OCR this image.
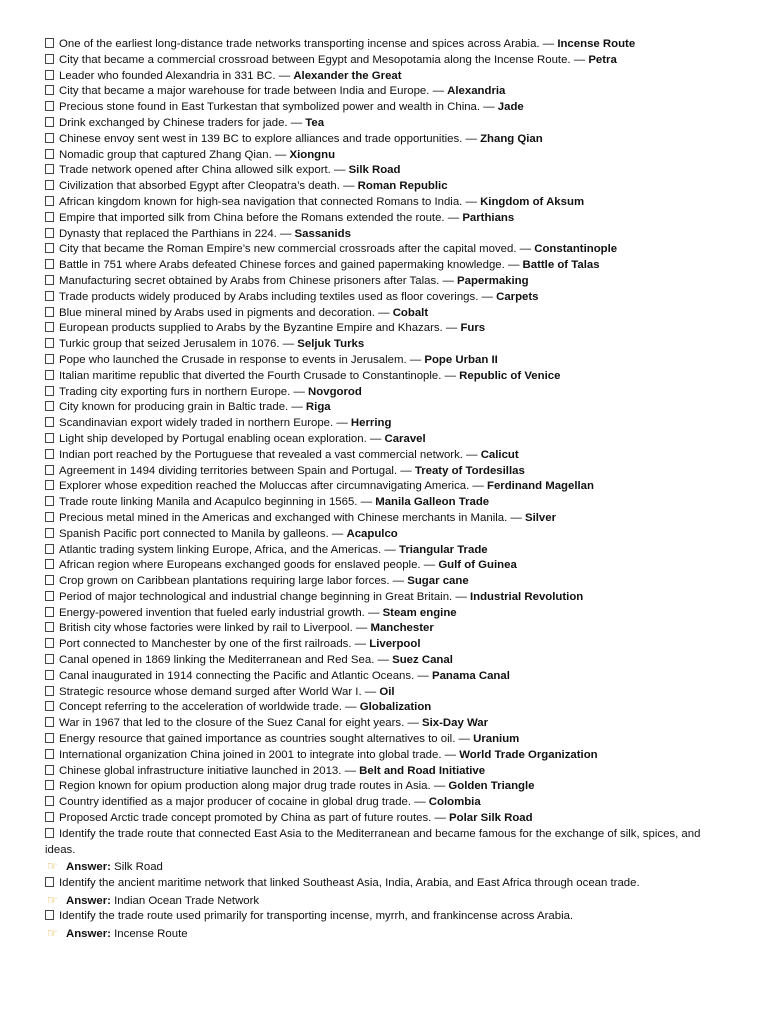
One of the earliest long-distance trade networks transporting incense and spices across Arabia. — Incense Route
City that became a commercial crossroad between Egypt and Mesopotamia along the Incense Route. — Petra
Leader who founded Alexandria in 331 BC. — Alexander the Great
City that became a major warehouse for trade between India and Europe. — Alexandria
Precious stone found in East Turkestan that symbolized power and wealth in China. — Jade
Drink exchanged by Chinese traders for jade. — Tea
Chinese envoy sent west in 139 BC to explore alliances and trade opportunities. — Zhang Qian
Nomadic group that captured Zhang Qian. — Xiongnu
Trade network opened after China allowed silk export. — Silk Road
Civilization that absorbed Egypt after Cleopatra’s death. — Roman Republic
African kingdom known for high-sea navigation that connected Romans to India. — Kingdom of Aksum
Empire that imported silk from China before the Romans extended the route. — Parthians
Dynasty that replaced the Parthians in 224. — Sassanids
City that became the Roman Empire’s new commercial crossroads after the capital moved. — Constantinople
Battle in 751 where Arabs defeated Chinese forces and gained papermaking knowledge. — Battle of Talas
Manufacturing secret obtained by Arabs from Chinese prisoners after Talas. — Papermaking
Trade products widely produced by Arabs including textiles used as floor coverings. — Carpets
Blue mineral mined by Arabs used in pigments and decoration. — Cobalt
European products supplied to Arabs by the Byzantine Empire and Khazars. — Furs
Turkic group that seized Jerusalem in 1076. — Seljuk Turks
Pope who launched the Crusade in response to events in Jerusalem. — Pope Urban II
Italian maritime republic that diverted the Fourth Crusade to Constantinople. — Republic of Venice
Trading city exporting furs in northern Europe. — Novgorod
City known for producing grain in Baltic trade. — Riga
Scandinavian export widely traded in northern Europe. — Herring
Light ship developed by Portugal enabling ocean exploration. — Caravel
Indian port reached by the Portuguese that revealed a vast commercial network. — Calicut
Agreement in 1494 dividing territories between Spain and Portugal. — Treaty of Tordesillas
Explorer whose expedition reached the Moluccas after circumnavigating America. — Ferdinand Magellan
Trade route linking Manila and Acapulco beginning in 1565. — Manila Galleon Trade
Precious metal mined in the Americas and exchanged with Chinese merchants in Manila. — Silver
Spanish Pacific port connected to Manila by galleons. — Acapulco
Atlantic trading system linking Europe, Africa, and the Americas. — Triangular Trade
African region where Europeans exchanged goods for enslaved people. — Gulf of Guinea
Crop grown on Caribbean plantations requiring large labor forces. — Sugar cane
Period of major technological and industrial change beginning in Great Britain. — Industrial Revolution
Energy-powered invention that fueled early industrial growth. — Steam engine
British city whose factories were linked by rail to Liverpool. — Manchester
Port connected to Manchester by one of the first railroads. — Liverpool
Canal opened in 1869 linking the Mediterranean and Red Sea. — Suez Canal
Canal inaugurated in 1914 connecting the Pacific and Atlantic Oceans. — Panama Canal
Strategic resource whose demand surged after World War I. — Oil
Concept referring to the acceleration of worldwide trade. — Globalization
War in 1967 that led to the closure of the Suez Canal for eight years. — Six-Day War
Energy resource that gained importance as countries sought alternatives to oil. — Uranium
International organization China joined in 2001 to integrate into global trade. — World Trade Organization
Chinese global infrastructure initiative launched in 2013. — Belt and Road Initiative
Region known for opium production along major drug trade routes in Asia. — Golden Triangle
Country identified as a major producer of cocaine in global drug trade. — Colombia
Proposed Arctic trade concept promoted by China as part of future routes. — Polar Silk Road
Identify the trade route that connected East Asia to the Mediterranean and became famous for the exchange of silk, spices, and ideas.
☞ Answer: Silk Road
Identify the ancient maritime network that linked Southeast Asia, India, Arabia, and East Africa through ocean trade.
☞ Answer: Indian Ocean Trade Network
Identify the trade route used primarily for transporting incense, myrrh, and frankincense across Arabia.
☞ Answer: Incense Route
